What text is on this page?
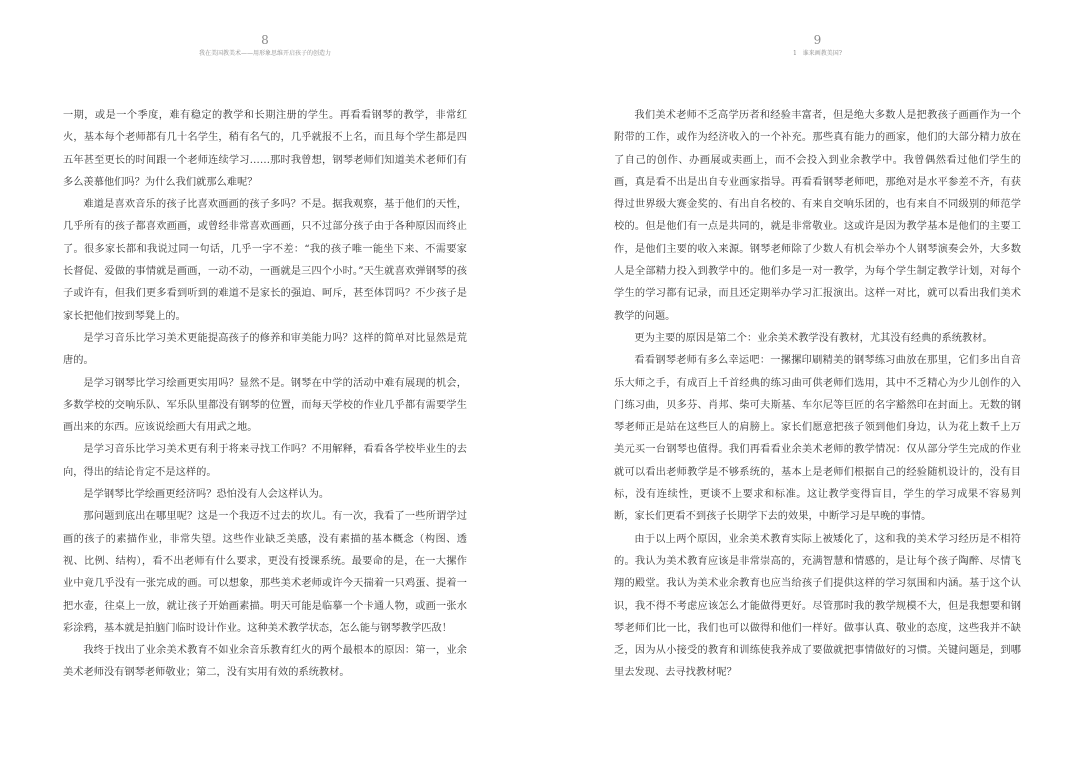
8
我在美国教美术——用形象思维开启孩子的创造力

一期，或是一个季度，难有稳定的教学和长期注册的学生。再看看钢琴的教学，非常红火，基本每个老师都有几十名学生，稍有名气的，几乎就报不上名，而且每个学生都是四五年甚至更长的时间跟一个老师连续学习……那时我曾想，钢琴老师们知道美术老师们有多么羡慕他们吗？为什么我们就那么难呢？

难道是喜欢音乐的孩子比喜欢画画的孩子多吗？不是。据我观察，基于他们的天性，几乎所有的孩子都喜欢画画，或曾经非常喜欢画画，只不过部分孩子由于各种原因而终止了。很多家长都和我说过同一句话，几乎一字不差：“我的孩子唯一能坐下来、不需要家长督促、爱做的事情就是画画，一动不动，一画就是三四个小时。”天生就喜欢弹钢琴的孩子或许有，但我们更多看到听到的难道不是家长的强迫、呵斥，甚至体罚吗？不少孩子是家长把他们按到琴凳上的。

是学习音乐比学习美术更能提高孩子的修养和审美能力吗？这样的简单对比显然是荒唐的。

是学习钢琴比学习绘画更实用吗？显然不是。钢琴在中学的活动中难有展现的机会，多数学校的交响乐队、军乐队里都没有钢琴的位置，而每天学校的作业几乎都有需要学生画出来的东西。应该说绘画大有用武之地。

是学习音乐比学习美术更有利于将来寻找工作吗？不用解释，看看各学校毕业生的去向，得出的结论肯定不是这样的。

是学钢琴比学绘画更经济吗？恐怕没有人会这样认为。

那问题到底出在哪里呢？这是一个我迈不过去的坎儿。有一次，我看了一些所谓学过画的孩子的素描作业，非常失望。这些作业缺乏美感，没有素描的基本概念（构图、透视、比例、结构），看不出老师有什么要求，更没有授课系统。最要命的是，在一大摞作业中竟几乎没有一张完成的画。可以想象，那些美术老师或许今天揣着一只鸡蛋、提着一把水壶，往桌上一放，就让孩子开始画素描。明天可能是临摹一个卡通人物，或画一张水彩涂鸦，基本就是拍脑门临时设计作业。这种美术教学状态，怎么能与钢琴教学匹敌！

我终于找出了业余美术教育不如业余音乐教育红火的两个最根本的原因：第一，业余美术老师没有钢琴老师敬业；第二，没有实用有效的系统教材。

9
1　谁来画教美国?

我们美术老师不乏高学历者和经验丰富者，但是绝大多数人是把教孩子画画作为一个附带的工作，或作为经济收入的一个补充。那些真有能力的画家，他们的大部分精力放在了自己的创作、办画展或卖画上，而不会投入到业余教学中。我曾偶然看过他们学生的画，真是看不出是出自专业画家指导。再看看钢琴老师吧，那绝对是水平参差不齐，有获得过世界级大赛金奖的、有出自名校的、有来自交响乐团的，也有来自不同级别的师范学校的。但是他们有一点是共同的，就是非常敬业。这或许是因为教学基本是他们的主要工作，是他们主要的收入来源。钢琴老师除了少数人有机会举办个人钢琴演奏会外，大多数人是全部精力投入到教学中的。他们多是一对一教学，为每个学生制定教学计划，对每个学生的学习都有记录，而且还定期举办学习汇报演出。这样一对比，就可以看出我们美术教学的问题。

更为主要的原因是第二个：业余美术教学没有教材，尤其没有经典的系统教材。

看看钢琴老师有多么幸运吧：一摞摞印刷精美的钢琴练习曲放在那里，它们多出自音乐大师之手，有成百上千首经典的练习曲可供老师们选用，其中不乏精心为少儿创作的入门练习曲，贝多芬、肖邦、柴可夫斯基、车尔尼等巨匠的名字豁然印在封面上。无数的钢琴老师正是站在这些巨人的肩膀上。家长们愿意把孩子领到他们身边，认为花上数千上万美元买一台钢琴也值得。我们再看看业余美术老师的教学情况：仅从部分学生完成的作业就可以看出老师教学是不够系统的，基本上是老师们根据自己的经验随机设计的，没有目标，没有连续性，更谈不上要求和标准。这让教学变得盲目，学生的学习成果不容易判断，家长们更看不到孩子长期学下去的效果，中断学习是早晚的事情。

由于以上两个原因，业余美术教育实际上被矮化了，这和我的美术学习经历是不相符的。我认为美术教育应该是非常崇高的，充满智慧和情感的，是让每个孩子陶醉、尽情飞翔的殿堂。我认为美术业余教育也应当给孩子们提供这样的学习氛围和内涵。基于这个认识，我不得不考虑应该怎么才能做得更好。尽管那时我的教学规模不大，但是我想要和钢琴老师们比一比，我们也可以做得和他们一样好。做事认真、敬业的态度，这些我并不缺乏，因为从小接受的教育和训练使我养成了要做就把事情做好的习惯。关键问题是，到哪里去发现、去寻找教材呢？
